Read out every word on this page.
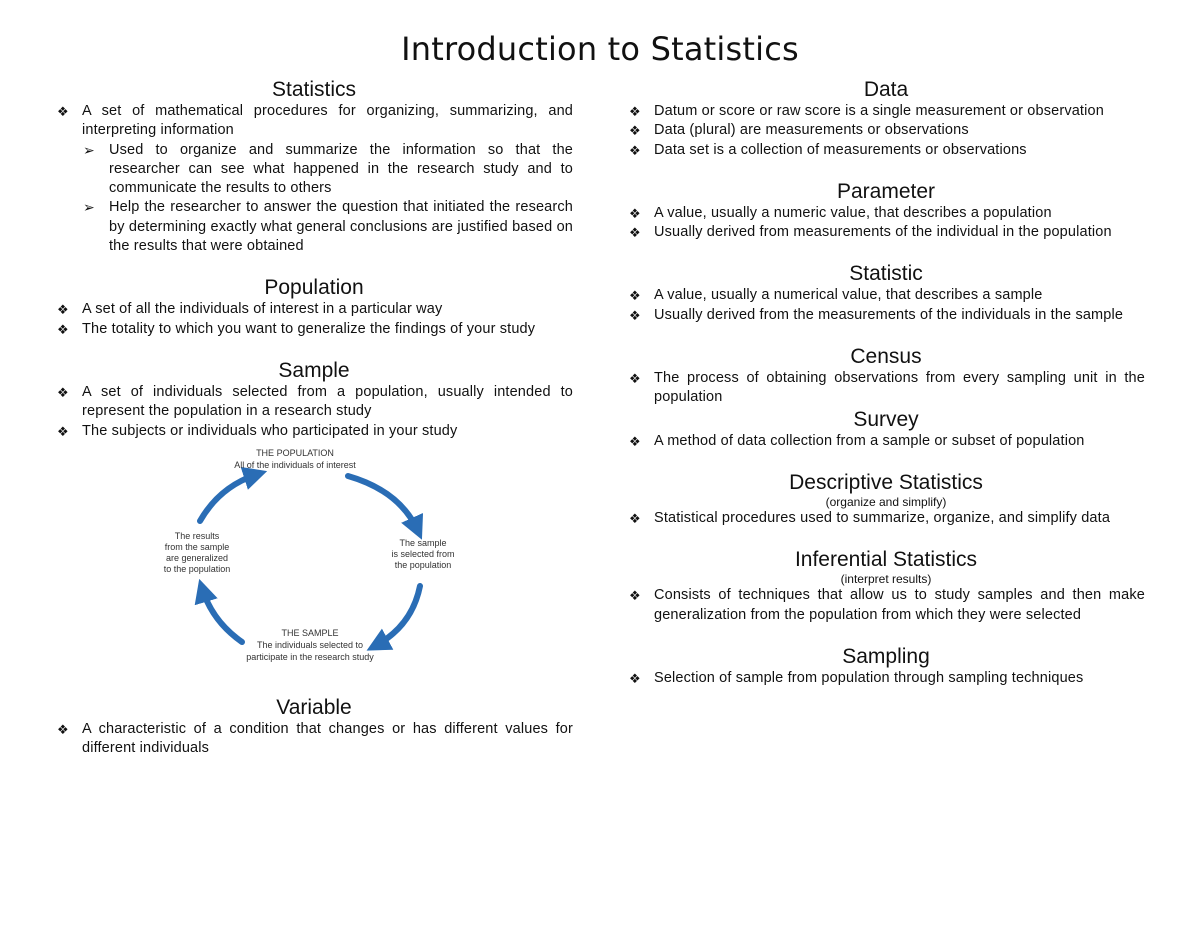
Introduction to Statistics
Statistics
❖ A set of mathematical procedures for organizing, summarizing, and interpreting information
➢ Used to organize and summarize the information so that the researcher can see what happened in the research study and to communicate the results to others
➢ Help the researcher to answer the question that initiated the research by determining exactly what general conclusions are justified based on the results that were obtained
Population
❖ A set of all the individuals of interest in a particular way
❖ The totality to which you want to generalize the findings of your study
Sample
❖ A set of individuals selected from a population, usually intended to represent the population in a research study
❖ The subjects or individuals who participated in your study
THE POPULATION
All of the individuals of interest
The sample
is selected from
the population
THE SAMPLE
The individuals selected to
participate in the research study
The results
from the sample
are generalized
to the population
Variable
❖ A characteristic of a condition that changes or has different values for different individuals
Data
❖ Datum or score or raw score is a single measurement or observation
❖ Data (plural) are measurements or observations
❖ Data set is a collection of measurements or observations
Parameter
❖ A value, usually a numeric value, that describes a population
❖ Usually derived from measurements of the individual in the population
Statistic
❖ A value, usually a numerical value, that describes a sample
❖ Usually derived from the measurements of the individuals in the sample
Census
❖ The process of obtaining observations from every sampling unit in the population
Survey
❖ A method of data collection from a sample or subset of population
Descriptive Statistics
(organize and simplify)
❖ Statistical procedures used to summarize, organize, and simplify data
Inferential Statistics
(interpret results)
❖ Consists of techniques that allow us to study samples and then make generalization from the population from which they were selected
Sampling
❖ Selection of sample from population through sampling techniques
